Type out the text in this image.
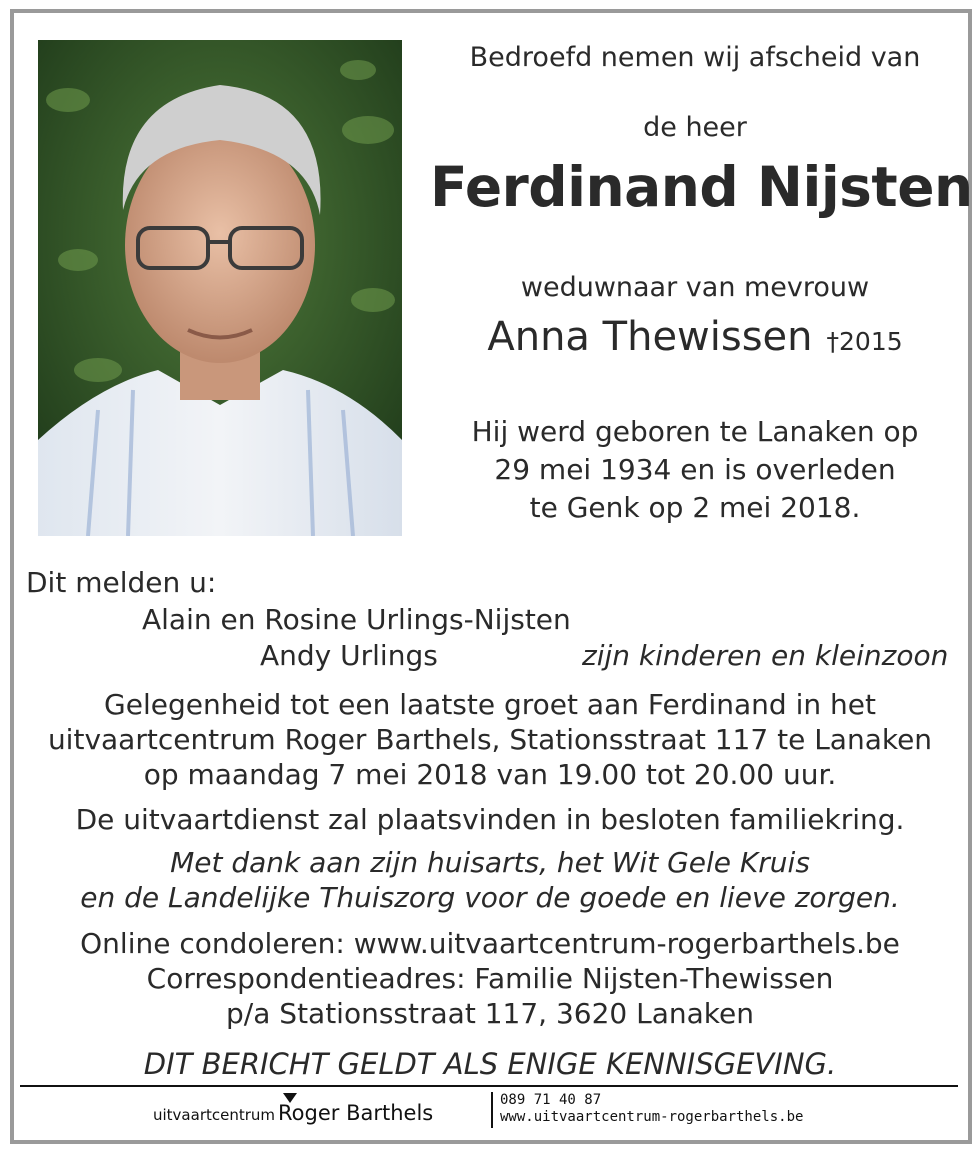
Bedroefd nemen wij afscheid van
de heer
Ferdinand Nijsten
weduwnaar van mevrouw
Anna Thewissen †2015
Hij werd geboren te Lanaken op
29 mei 1934 en is overleden
te Genk op 2 mei 2018.
Dit melden u:
Alain en Rosine Urlings-Nijsten
Andy Urlings	zijn kinderen en kleinzoon
Gelegenheid tot een laatste groet aan Ferdinand in het
uitvaartcentrum Roger Barthels, Stationsstraat 117 te Lanaken
op maandag 7 mei 2018 van 19.00 tot 20.00 uur.
De uitvaartdienst zal plaatsvinden in besloten familiekring.
Met dank aan zijn huisarts, het Wit Gele Kruis
en de Landelijke Thuiszorg voor de goede en lieve zorgen.
Online condoleren: www.uitvaartcentrum-rogerbarthels.be
Correspondentieadres: Familie Nijsten-Thewissen
p/a Stationsstraat 117, 3620 Lanaken
DIT BERICHT GELDT ALS ENIGE KENNISGEVING.
uitvaartcentrum Roger Barthels
089 71 40 87
www.uitvaartcentrum-rogerbarthels.be
